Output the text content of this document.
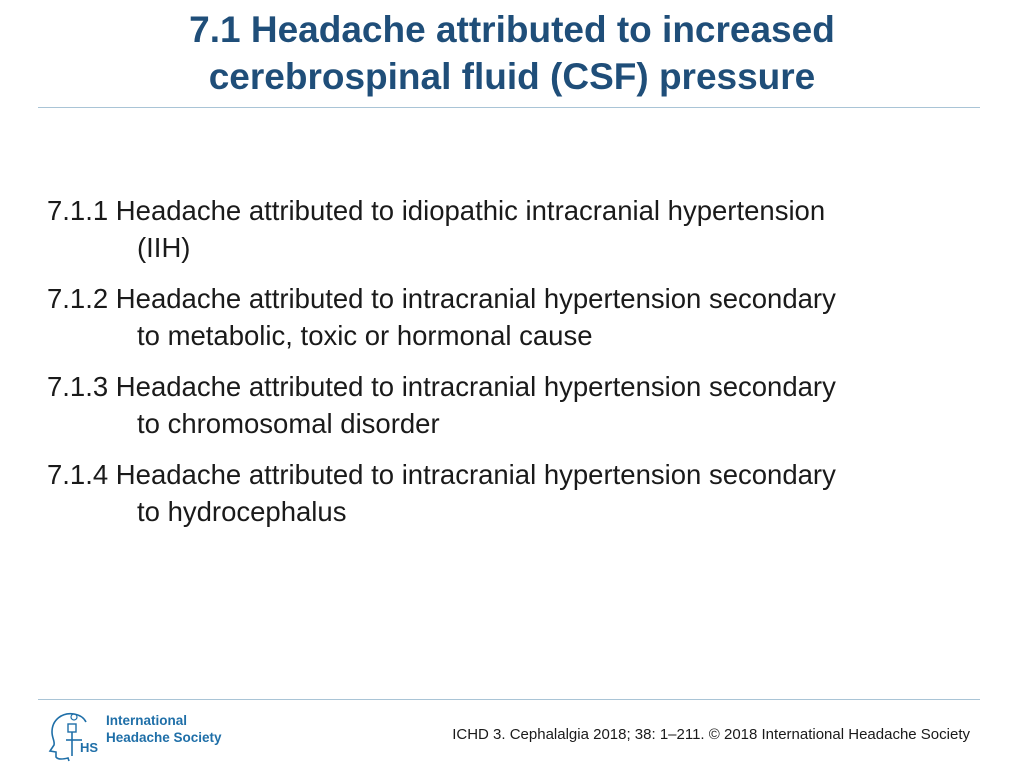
7.1 Headache attributed to increased
cerebrospinal fluid (CSF) pressure
7.1.1 Headache attributed to idiopathic intracranial hypertension
(IIH)
7.1.2 Headache attributed to intracranial hypertension secondary
to metabolic, toxic or hormonal cause
7.1.3 Headache attributed to intracranial hypertension secondary
to chromosomal disorder
7.1.4 Headache attributed to intracranial hypertension secondary
to hydrocephalus
HS
International
Headache Society	ICHD 3. Cephalalgia 2018; 38: 1–211. © 2018 International Headache Society
